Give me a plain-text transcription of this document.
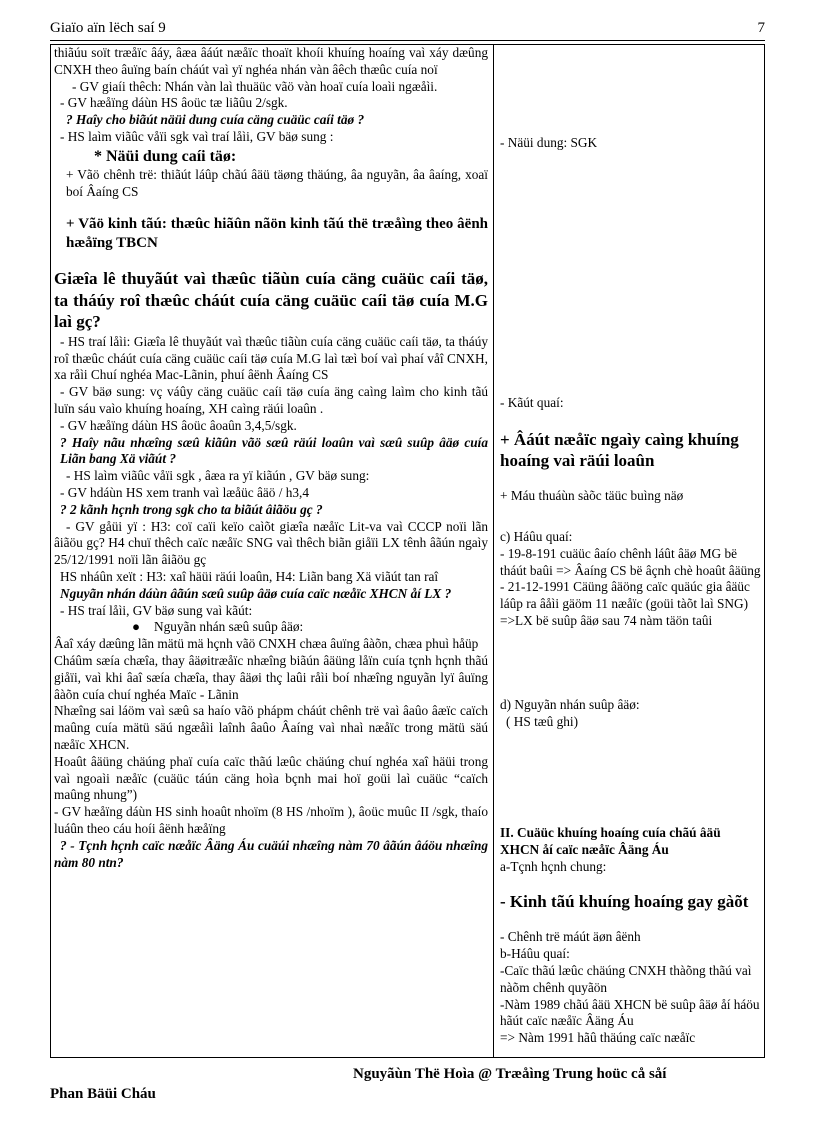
Giaïo aïn lëch saí 9	7

thiãúu soït træåïc âáy, âæa âáút næåïc thoaït khoíi khuíng hoaíng vaì xáy dæûng CNXH theo âuïng baín cháút vaì yï nghéa nhán vàn âêch thæûc cuía noï

- GV giaíi thêch: Nhán vàn laì thuäüc vãö vàn hoaï cuía loaìi ngæåìi.

- GV hæåïng dáùn HS âoüc tæ liãûu 2/sgk.

? Haîy cho biãút näüi dung cuía cäng cuäüc caíi täø ?

- HS laìm viãûc våïi sgk vaì traí låìi, GV bäø sung :

* Näüi dung caíi täø:

+ Vãö chênh trë: thiãút láûp chãú âäü täøng thäúng, âa nguyãn, âa âaíng, xoaï boí Âaíng CS

+ Vãö kinh tãú: thæûc hiãûn nãön kinh tãú thë træåìng theo âënh hæåïng TBCN

Giæîa lê thuyãút vaì thæûc tiãùn cuía cäng cuäüc caíi täø, ta tháúy roî thæûc cháút cuía cäng cuäüc caíi täø cuía M.G laì gç?

- HS traí låìi: Giæîa lê thuyãút vaì thæûc tiãùn cuía cäng cuäüc caíi täø, ta tháúy roî thæûc cháút cuía cäng cuäüc caíi täø cuía M.G laì tæì boí vaì phaí våî CNXH, xa råìi Chuí nghéa Mac-Lãnin, phuí âënh Âaíng CS

- GV bäø sung: vç váûy cäng cuäüc caíi täø cuía äng caìng laìm cho kinh tãú luïn sáu vaìo khuíng hoaíng, XH caìng räúi loaûn .

- GV hæåïng dáùn HS âoüc âoaûn 3,4,5/sgk.

? Haîy nãu nhæîng sæû kiãûn vãö sæû räúi loaûn vaì sæû suûp âäø cuía Liãn bang Xä viãút ?

- HS laìm viãûc våïi sgk , âæa ra yï kiãún , GV bäø sung:

- GV hdáùn HS xem tranh vaì læåüc âäö / h3,4

? 2 kãnh hçnh trong sgk cho ta biãút âiãöu gç ?

- GV gåüi yï : H3: coï caïi keïo caìõt giæîa næåïc Lit-va vaì CCCP noïi lãn âiãöu gç? H4 chuï thêch caïc næåïc SNG vaì thêch biãn giåïi LX tênh âãún ngaìy 25/12/1991 noïi lãn âiãöu gç

HS nháûn xeït : H3: xaî häüi räúi loaûn, H4: Liãn bang Xä viãút tan raî

Nguyãn nhán dáùn âãún sæû suûp âäø cuía caïc næåïc XHCN åí LX ?

- HS traí låìi, GV bäø sung vaì kãút:

●	Nguyãn nhán sæû suûp âäø:

Âaî xáy dæûng lãn mätü mä hçnh vãö CNXH chæa âuïng âàõn, chæa phuì håüp

Cháûm sæía chæîa, thay âäøitræåïc nhæîng biãún âäüng låïn cuía tçnh hçnh thãú giåïi, vaì khi âaî sæía chæîa, thay âäøi thç laûi råìi boí nhæîng nguyãn lyï âuïng âàõn cuía chuí nghéa Maïc - Lãnin

Nhæîng sai láöm vaì sæû sa haío vãö phápm cháút chênh trë vaì âaûo âæïc caïch maûng cuía mätü säú ngæåìi laînh âaûo Âaíng vaì nhaì næåïc trong mätü säú næåïc XHCN.

Hoaût âäüng chäúng phaï cuía caïc thãú læûc chäúng chuí nghéa xaî häüi trong vaì ngoaìi næåïc (cuäüc táún cäng hoìa bçnh mai hoï goüi laì cuäüc “caïch maûng nhung”)

- GV hæåïng dáùn HS sinh hoaût nhoïm (8 HS /nhoïm ), âoüc muûc II /sgk, thaío luáûn theo cáu hoíi âënh hæåïng

? - Tçnh hçnh caïc næåïc Âäng Áu cuäúi nhæîng nàm 70 âãún âáöu nhæîng nàm 80 ntn?

- Näüi dung: SGK

- Kãút quaí:

+ Âáút næåïc ngaìy caìng khuíng hoaíng vaì räúi loaûn

+ Máu thuáùn sàõc täüc buìng näø

c) Háûu quaí:

- 19-8-191 cuäüc âaío chênh láût âäø MG bë tháút baûi => Âaíng CS bë âçnh chè hoaût âäüng

- 21-12-1991 Cäüng âäöng caïc quäúc gia âäüc láûp ra âåìi gäöm 11 næåïc (goüi tàõt laì SNG)

=>LX bë suûp âäø sau 74 nàm täön taûi

d) Nguyãn nhán suûp âäø:

( HS tæû ghi)

II. Cuäüc khuíng hoaíng cuía chãú âäü XHCN åí caïc næåïc Âäng Áu

a-Tçnh hçnh chung:

- Kinh tãú khuíng hoaíng gay gàõt

- Chênh trë máút äøn âënh

b-Háûu quaí:

-Caïc thãú læûc chäúng CNXH thàõng thãú vaì nàõm chênh quyãön

-Nàm 1989 chãú âäü XHCN bë suûp âäø åí háöu hãút caïc næåïc Âäng Áu

=> Nàm 1991 hãû thäúng caïc næåïc

Nguyãùn Thë Hoìa @ Træåìng Trung hoüc cå såí
Phan Bäüi Cháu
